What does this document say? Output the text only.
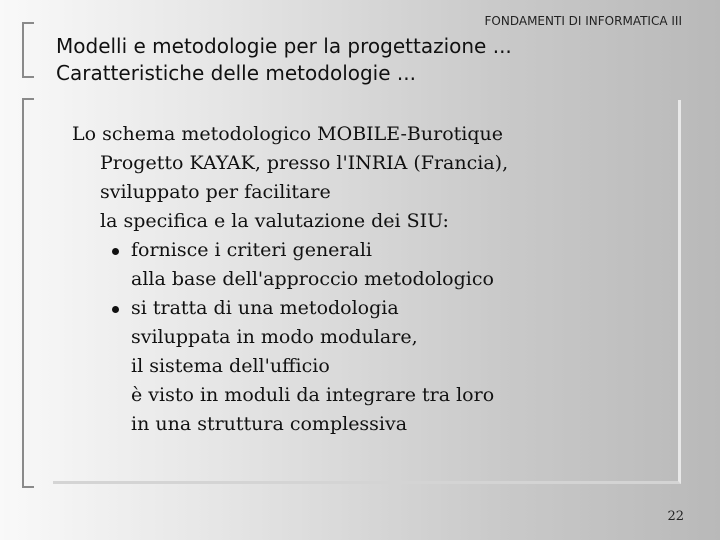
FONDAMENTI DI INFORMATICA III
Modelli e metodologie per la progettazione ...
Caratteristiche delle metodologie ...
Lo schema metodologico MOBILE-Burotique
Progetto KAYAK, presso l'INRIA (Francia),
sviluppato per facilitare
la specifica e la valutazione dei SIU:
fornisce i criteri generali
alla base dell'approccio metodologico
si tratta di una metodologia
sviluppata in modo modulare,
il sistema dell'ufficio
è visto in moduli da integrare tra loro
in una struttura complessiva
22
